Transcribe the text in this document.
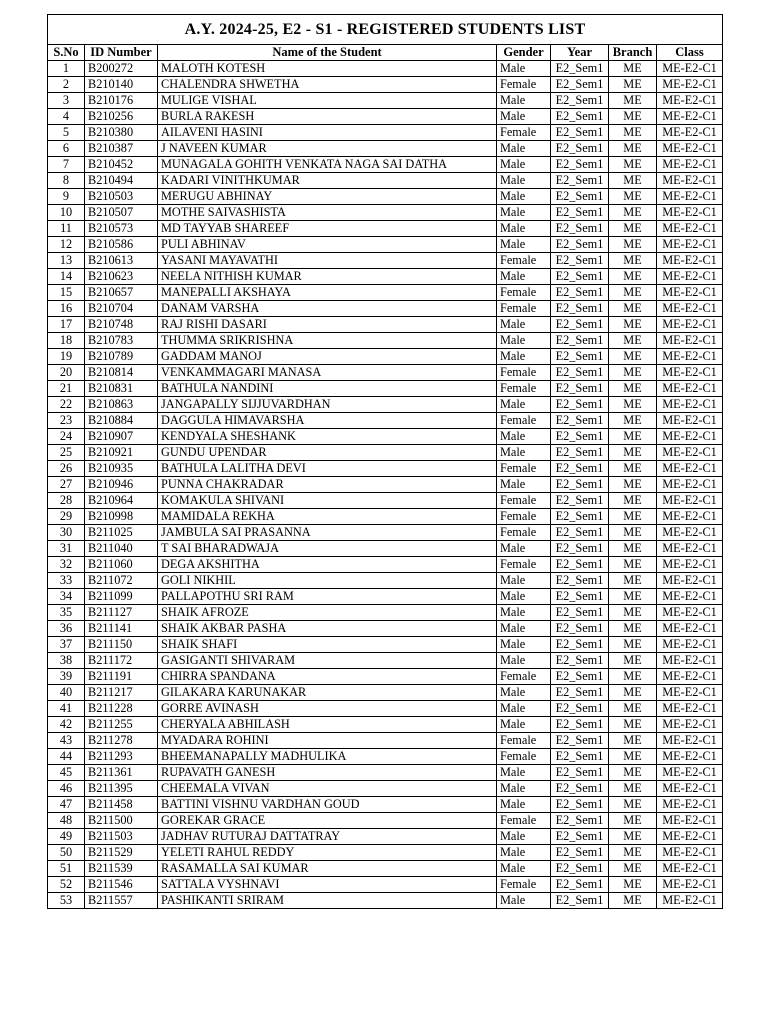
A.Y. 2024-25, E2 - S1 - REGISTERED STUDENTS LIST						
S.No	ID Number	Name of the Student	Gender	Year	Branch	Class
1	B200272	MALOTH KOTESH	Male	E2_Sem1	ME	ME-E2-C1
2	B210140	CHALENDRA SHWETHA	Female	E2_Sem1	ME	ME-E2-C1
3	B210176	MULIGE VISHAL	Male	E2_Sem1	ME	ME-E2-C1
4	B210256	BURLA RAKESH	Male	E2_Sem1	ME	ME-E2-C1
5	B210380	AILAVENI HASINI	Female	E2_Sem1	ME	ME-E2-C1
6	B210387	J NAVEEN KUMAR	Male	E2_Sem1	ME	ME-E2-C1
7	B210452	MUNAGALA GOHITH VENKATA NAGA SAI DATHA	Male	E2_Sem1	ME	ME-E2-C1
8	B210494	KADARI VINITHKUMAR	Male	E2_Sem1	ME	ME-E2-C1
9	B210503	MERUGU ABHINAY	Male	E2_Sem1	ME	ME-E2-C1
10	B210507	MOTHE SAIVASHISTA	Male	E2_Sem1	ME	ME-E2-C1
11	B210573	MD TAYYAB SHAREEF	Male	E2_Sem1	ME	ME-E2-C1
12	B210586	PULI ABHINAV	Male	E2_Sem1	ME	ME-E2-C1
13	B210613	YASANI MAYAVATHI	Female	E2_Sem1	ME	ME-E2-C1
14	B210623	NEELA NITHISH KUMAR	Male	E2_Sem1	ME	ME-E2-C1
15	B210657	MANEPALLI AKSHAYA	Female	E2_Sem1	ME	ME-E2-C1
16	B210704	DANAM VARSHA	Female	E2_Sem1	ME	ME-E2-C1
17	B210748	RAJ RISHI DASARI	Male	E2_Sem1	ME	ME-E2-C1
18	B210783	THUMMA SRIKRISHNA	Male	E2_Sem1	ME	ME-E2-C1
19	B210789	GADDAM MANOJ	Male	E2_Sem1	ME	ME-E2-C1
20	B210814	VENKAMMAGARI MANASA	Female	E2_Sem1	ME	ME-E2-C1
21	B210831	BATHULA NANDINI	Female	E2_Sem1	ME	ME-E2-C1
22	B210863	JANGAPALLY SIJJUVARDHAN	Male	E2_Sem1	ME	ME-E2-C1
23	B210884	DAGGULA HIMAVARSHA	Female	E2_Sem1	ME	ME-E2-C1
24	B210907	KENDYALA SHESHANK	Male	E2_Sem1	ME	ME-E2-C1
25	B210921	GUNDU UPENDAR	Male	E2_Sem1	ME	ME-E2-C1
26	B210935	BATHULA LALITHA DEVI	Female	E2_Sem1	ME	ME-E2-C1
27	B210946	PUNNA CHAKRADAR	Male	E2_Sem1	ME	ME-E2-C1
28	B210964	KOMAKULA SHIVANI	Female	E2_Sem1	ME	ME-E2-C1
29	B210998	MAMIDALA REKHA	Female	E2_Sem1	ME	ME-E2-C1
30	B211025	JAMBULA SAI PRASANNA	Female	E2_Sem1	ME	ME-E2-C1
31	B211040	T SAI BHARADWAJA	Male	E2_Sem1	ME	ME-E2-C1
32	B211060	DEGA AKSHITHA	Female	E2_Sem1	ME	ME-E2-C1
33	B211072	GOLI NIKHIL	Male	E2_Sem1	ME	ME-E2-C1
34	B211099	PALLAPOTHU SRI RAM	Male	E2_Sem1	ME	ME-E2-C1
35	B211127	SHAIK AFROZE	Male	E2_Sem1	ME	ME-E2-C1
36	B211141	SHAIK AKBAR PASHA	Male	E2_Sem1	ME	ME-E2-C1
37	B211150	SHAIK SHAFI	Male	E2_Sem1	ME	ME-E2-C1
38	B211172	GASIGANTI SHIVARAM	Male	E2_Sem1	ME	ME-E2-C1
39	B211191	CHIRRA SPANDANA	Female	E2_Sem1	ME	ME-E2-C1
40	B211217	GILAKARA KARUNAKAR	Male	E2_Sem1	ME	ME-E2-C1
41	B211228	GORRE AVINASH	Male	E2_Sem1	ME	ME-E2-C1
42	B211255	CHERYALA ABHILASH	Male	E2_Sem1	ME	ME-E2-C1
43	B211278	MYADARA ROHINI	Female	E2_Sem1	ME	ME-E2-C1
44	B211293	BHEEMANAPALLY MADHULIKA	Female	E2_Sem1	ME	ME-E2-C1
45	B211361	RUPAVATH GANESH	Male	E2_Sem1	ME	ME-E2-C1
46	B211395	CHEEMALA VIVAN	Male	E2_Sem1	ME	ME-E2-C1
47	B211458	BATTINI VISHNU VARDHAN GOUD	Male	E2_Sem1	ME	ME-E2-C1
48	B211500	GOREKAR GRACE	Female	E2_Sem1	ME	ME-E2-C1
49	B211503	JADHAV RUTURAJ DATTATRAY	Male	E2_Sem1	ME	ME-E2-C1
50	B211529	YELETI RAHUL REDDY	Male	E2_Sem1	ME	ME-E2-C1
51	B211539	RASAMALLA SAI KUMAR	Male	E2_Sem1	ME	ME-E2-C1
52	B211546	SATTALA VYSHNAVI	Female	E2_Sem1	ME	ME-E2-C1
53	B211557	PASHIKANTI SRIRAM	Male	E2_Sem1	ME	ME-E2-C1
